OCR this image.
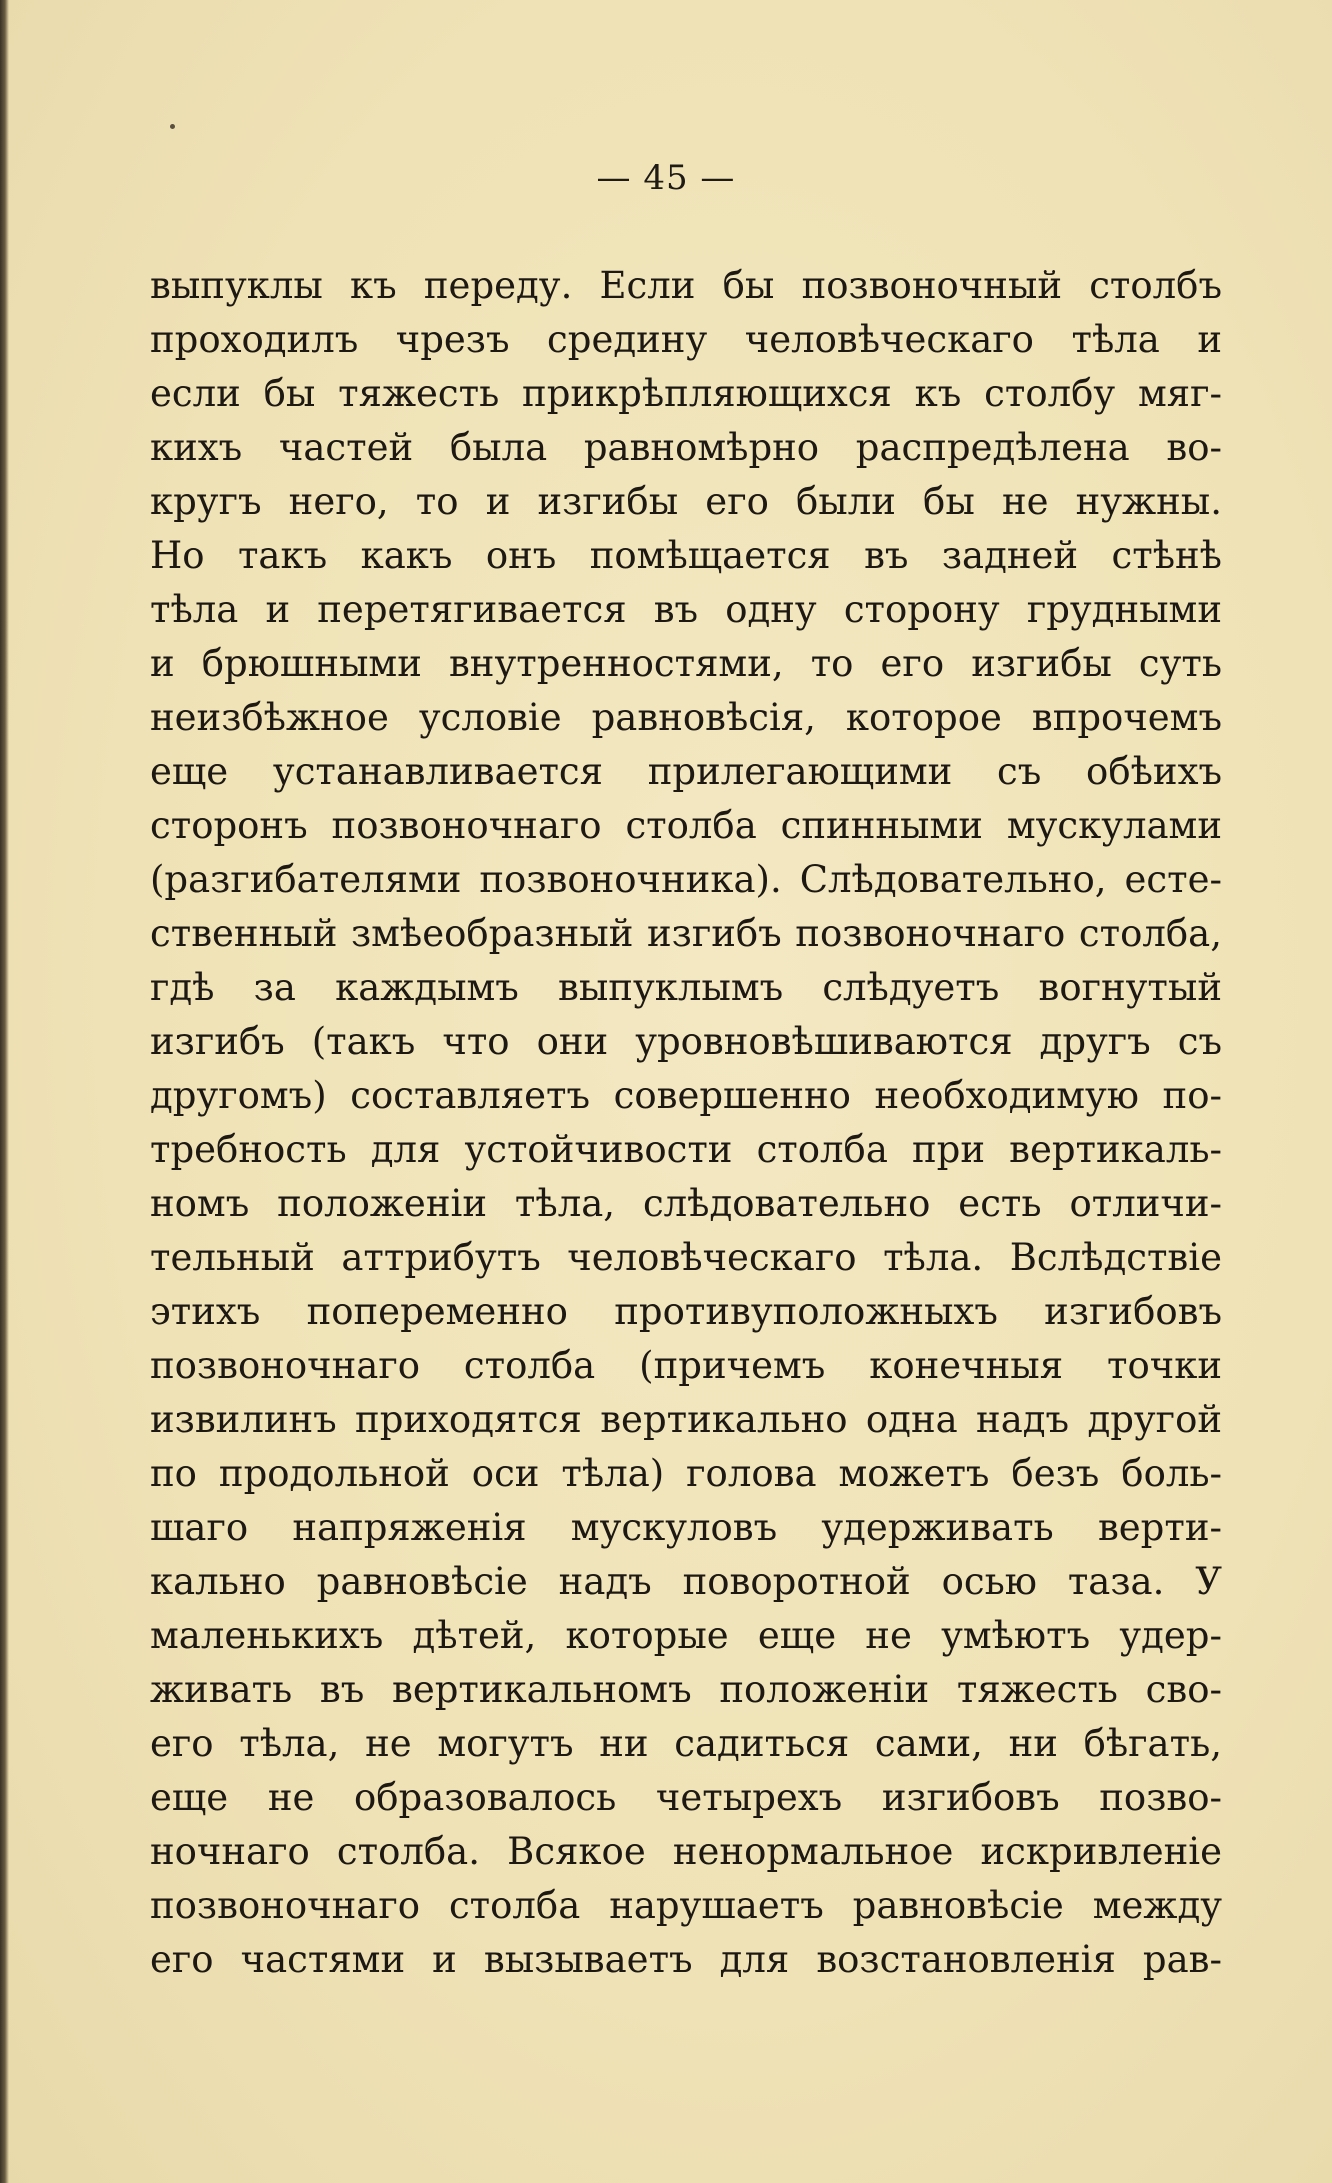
— 45 —
выпуклы къ переду. Если бы позвоночный столбъ
проходилъ чрезъ средину человѣческаго тѣла и
если бы тяжесть прикрѣпляющихся къ столбу мяг-
кихъ частей была равномѣрно распредѣлена во-
кругъ него, то и изгибы его были бы не нужны.
Но такъ какъ онъ помѣщается въ задней стѣнѣ
тѣла и перетягивается въ одну сторону грудными
и брюшными внутренностями, то его изгибы суть
неизбѣжное условіе равновѣсія, которое впрочемъ
еще устанавливается прилегающими съ обѣихъ
сторонъ позвоночнаго столба спинными мускулами
(разгибателями позвоночника). Слѣдовательно, есте-
ственный змѣеобразный изгибъ позвоночнаго столба,
гдѣ за каждымъ выпуклымъ слѣдуетъ вогнутый
изгибъ (такъ что они уровновѣшиваются другъ съ
другомъ) составляетъ совершенно необходимую по-
требность для устойчивости столба при вертикаль-
номъ положеніи тѣла, слѣдовательно есть отличи-
тельный аттрибутъ человѣческаго тѣла. Вслѣдствіе
этихъ попеременно противуположныхъ изгибовъ
позвоночнаго столба (причемъ конечныя точки
извилинъ приходятся вертикально одна надъ другой
по продольной оси тѣла) голова можетъ безъ боль-
шаго напряженія мускуловъ удерживать верти-
кально равновѣсіе надъ поворотной осью таза. У
маленькихъ дѣтей, которые еще не умѣютъ удер-
живать въ вертикальномъ положеніи тяжесть сво-
его тѣла, не могутъ ни садиться сами, ни бѣгать,
еще не образовалось четырехъ изгибовъ позво-
ночнаго столба. Всякое ненормальное искривленіе
позвоночнаго столба нарушаетъ равновѣсіе между
его частями и вызываетъ для возстановленія рав-
